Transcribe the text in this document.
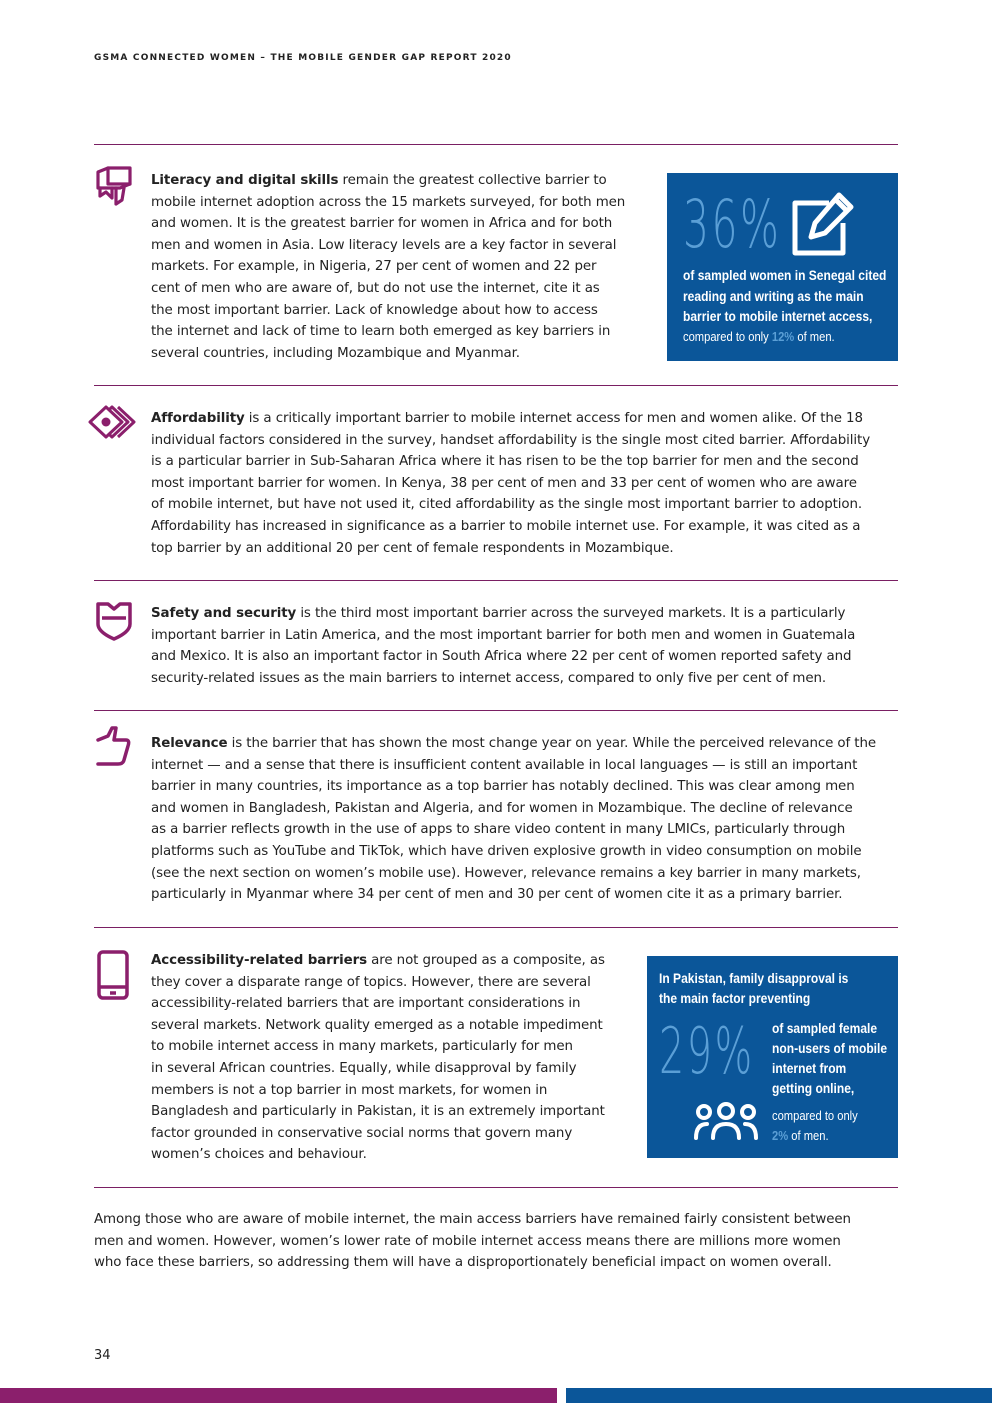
GSMA CONNECTED WOMEN – THE MOBILE GENDER GAP REPORT 2020
Literacy and digital skills remain the greatest collective barrier to
mobile internet adoption across the 15 markets surveyed, for both men
and women. It is the greatest barrier for women in Africa and for both
men and women in Asia. Low literacy levels are a key factor in several
markets. For example, in Nigeria, 27 per cent of women and 22 per
cent of men who are aware of, but do not use the internet, cite it as
the most important barrier. Lack of knowledge about how to access
the internet and lack of time to learn both emerged as key barriers in
several countries, including Mozambique and Myanmar.
36%
of sampled women in Senegal cited
reading and writing as the main
barrier to mobile internet access,
compared to only 12% of men.
Affordability is a critically important barrier to mobile internet access for men and women alike. Of the 18
individual factors considered in the survey, handset affordability is the single most cited barrier. Affordability
is a particular barrier in Sub-Saharan Africa where it has risen to be the top barrier for men and the second
most important barrier for women. In Kenya, 38 per cent of men and 33 per cent of women who are aware
of mobile internet, but have not used it, cited affordability as the single most important barrier to adoption.
Affordability has increased in significance as a barrier to mobile internet use. For example, it was cited as a
top barrier by an additional 20 per cent of female respondents in Mozambique.
Safety and security is the third most important barrier across the surveyed markets. It is a particularly
important barrier in Latin America, and the most important barrier for both men and women in Guatemala
and Mexico. It is also an important factor in South Africa where 22 per cent of women reported safety and
security-related issues as the main barriers to internet access, compared to only five per cent of men.
Relevance is the barrier that has shown the most change year on year. While the perceived relevance of the
internet — and a sense that there is insufficient content available in local languages — is still an important
barrier in many countries, its importance as a top barrier has notably declined. This was clear among men
and women in Bangladesh, Pakistan and Algeria, and for women in Mozambique. The decline of relevance
as a barrier reflects growth in the use of apps to share video content in many LMICs, particularly through
platforms such as YouTube and TikTok, which have driven explosive growth in video consumption on mobile
(see the next section on women’s mobile use). However, relevance remains a key barrier in many markets,
particularly in Myanmar where 34 per cent of men and 30 per cent of women cite it as a primary barrier.
Accessibility-related barriers are not grouped as a composite, as
they cover a disparate range of topics. However, there are several
accessibility-related barriers that are important considerations in
several markets. Network quality emerged as a notable impediment
to mobile internet access in many markets, particularly for men
in several African countries. Equally, while disapproval by family
members is not a top barrier in most markets, for women in
Bangladesh and particularly in Pakistan, it is an extremely important
factor grounded in conservative social norms that govern many
women’s choices and behaviour.
In Pakistan, family disapproval is
the main factor preventing
29% of sampled female
non-users of mobile
internet from
getting online,
compared to only
2% of men.
Among those who are aware of mobile internet, the main access barriers have remained fairly consistent between
men and women. However, women’s lower rate of mobile internet access means there are millions more women
who face these barriers, so addressing them will have a disproportionately beneficial impact on women overall.
34
